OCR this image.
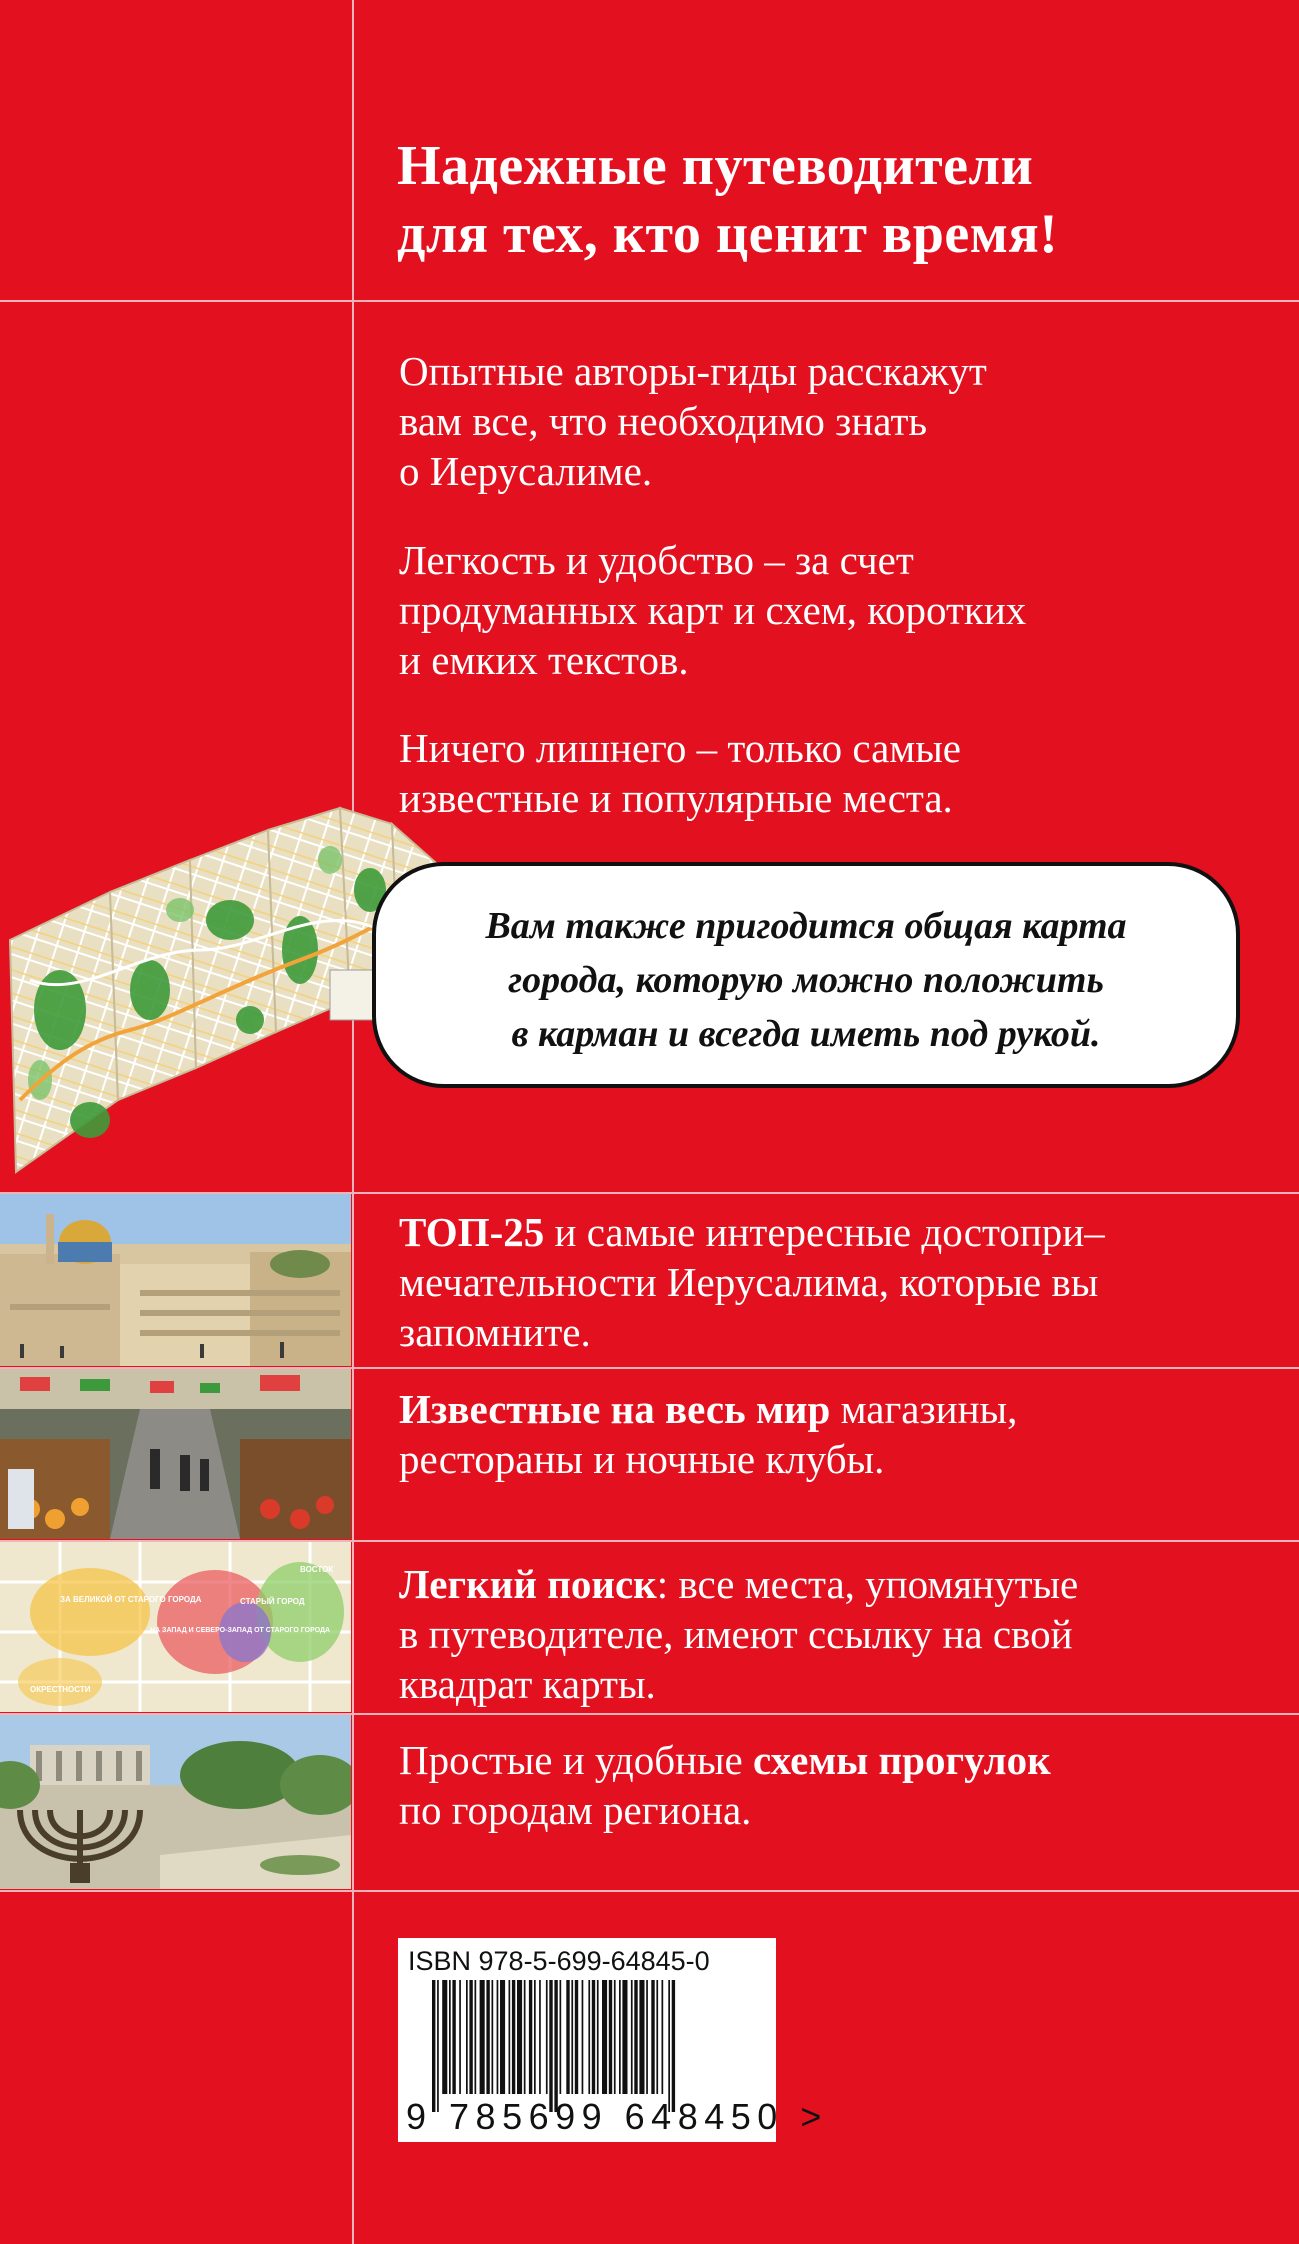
Надежные путеводители
для тех, кто ценит время!
Опытные авторы-гиды расскажут
вам все, что необходимо знать
о Иерусалиме.
Легкость и удобство – за счет
продуманных карт и схем, коротких
и емких текстов.
Ничего лишнего – только самые
известные и популярные места.
Вам также пригодится общая карта
города, которую можно положить
в карман и всегда иметь под рукой.
ТОП-25 и самые интересные достопри–
мечательности Иерусалима, которые вы
запомните.
Известные на весь мир магазины,
рестораны и ночные клубы.
ЗА ВЕЛИКОЙ ОТ СТАРОГО ГОРОДА	СТАРЫЙ ГОРОД
НА ЗАПАД И СЕВЕРО-ЗАПАД ОТ СТАРОГО ГОРОДА
ВОСТОК
ОКРЕСТНОСТИ
Легкий поиск: все места, упомянутые
в путеводителе, имеют ссылку на свой
квадрат карты.
Простые и удобные схемы прогулок
по городам региона.
ISBN 978-5-699-64845-0
9 785699 648450 >
